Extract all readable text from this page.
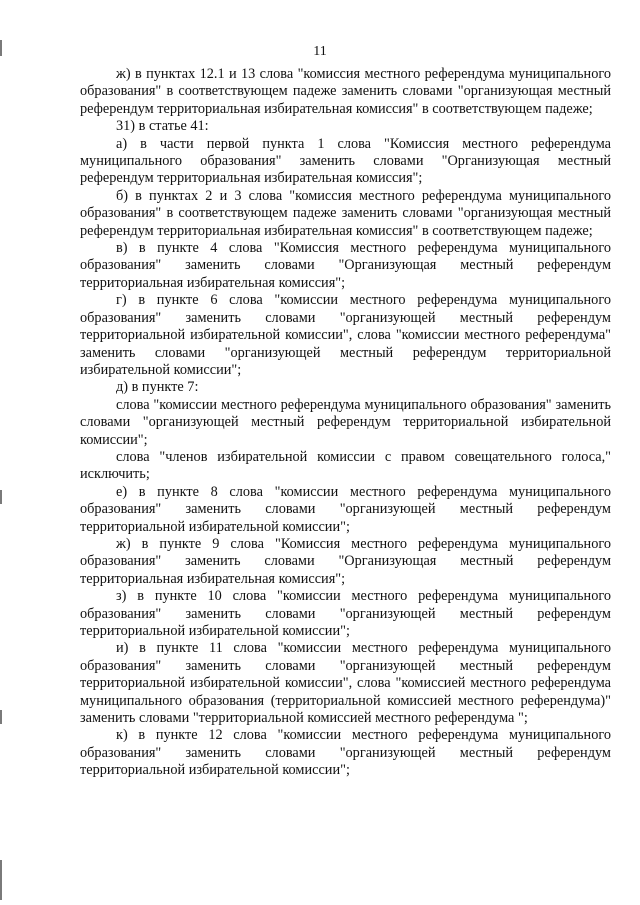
11

ж) в пунктах 12.1 и 13 слова "комиссия местного референдума муниципального образования" в соответствующем падеже заменить словами "организующая местный референдум территориальная избирательная комиссия" в соответствующем падеже;

31) в статье 41:

а) в части первой пункта 1 слова "Комиссия местного референдума муниципального образования" заменить словами "Организующая местный референдум территориальная избирательная комиссия";

б) в пунктах 2 и 3 слова "комиссия местного референдума муниципального образования" в соответствующем падеже заменить словами "организующая местный референдум территориальная избирательная комиссия" в соответствующем падеже;

в) в пункте 4 слова "Комиссия местного референдума муниципального образования" заменить словами "Организующая местный референдум территориальная избирательная комиссия";

г) в пункте 6 слова "комиссии местного референдума муниципального образования" заменить словами "организующей местный референдум территориальной избирательной комиссии", слова "комиссии местного референдума" заменить словами "организующей местный референдум территориальной избирательной комиссии";

д) в пункте 7:

слова "комиссии местного референдума муниципального образования" заменить словами "организующей местный референдум территориальной избирательной комиссии";

слова "членов избирательной комиссии с правом совещательного голоса," исключить;

е) в пункте 8 слова "комиссии местного референдума муниципального образования" заменить словами "организующей местный референдум территориальной избирательной комиссии";

ж) в пункте 9 слова "Комиссия местного референдума муниципального образования" заменить словами "Организующая местный референдум территориальная избирательная комиссия";

з) в пункте 10 слова "комиссии местного референдума муниципального образования" заменить словами "организующей местный референдум территориальной избирательной комиссии";

и) в пункте 11 слова "комиссии местного референдума муниципального образования" заменить словами "организующей местный референдум территориальной избирательной комиссии", слова "комиссией местного референдума муниципального образования (территориальной комиссией местного референдума)" заменить словами "территориальной комиссией местного референдума ";

к) в пункте 12 слова "комиссии местного референдума муниципального образования" заменить словами "организующей местный референдум территориальной избирательной комиссии";
